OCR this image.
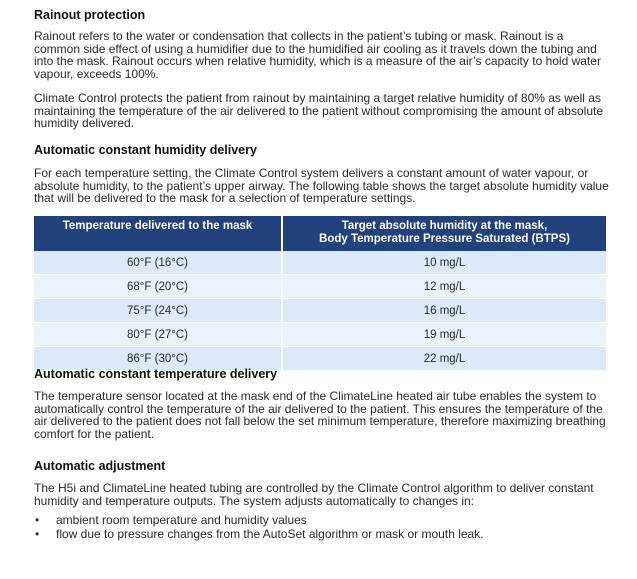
Rainout protection

Rainout refers to the water or condensation that collects in the patient’s tubing or mask. Rainout is a common side effect of using a humidifier due to the humidified air cooling as it travels down the tubing and into the mask. Rainout occurs when relative humidity, which is a measure of the air’s capacity to hold water vapour, exceeds 100%.

Climate Control protects the patient from rainout by maintaining a target relative humidity of 80% as well as maintaining the temperature of the air delivered to the patient without compromising the amount of absolute humidity delivered.

Automatic constant humidity delivery

For each temperature setting, the Climate Control system delivers a constant amount of water vapour, or absolute humidity, to the patient’s upper airway. The following table shows the target absolute humidity value that will be delivered to the mask for a selection of temperature settings.

Temperature delivered to the mask	Target absolute humidity at the mask,
Body Temperature Pressure Saturated (BTPS)
60°F (16°C)	10 mg/L
68°F (20°C)	12 mg/L
75°F (24°C)	16 mg/L
80°F (27°C)	19 mg/L
86°F (30°C)	22 mg/L
Automatic constant temperature delivery

The temperature sensor located at the mask end of the ClimateLine heated air tube enables the system to automatically control the temperature of the air delivered to the patient. This ensures the temperature of the air delivered to the patient does not fall below the set minimum temperature, therefore maximizing breathing comfort for the patient.

Automatic adjustment

The H5i and ClimateLine heated tubing are controlled by the Climate Control algorithm to deliver constant humidity and temperature outputs. The system adjusts automatically to changes in:

• ambient room temperature and humidity values
• flow due to pressure changes from the AutoSet algorithm or mask or mouth leak.
